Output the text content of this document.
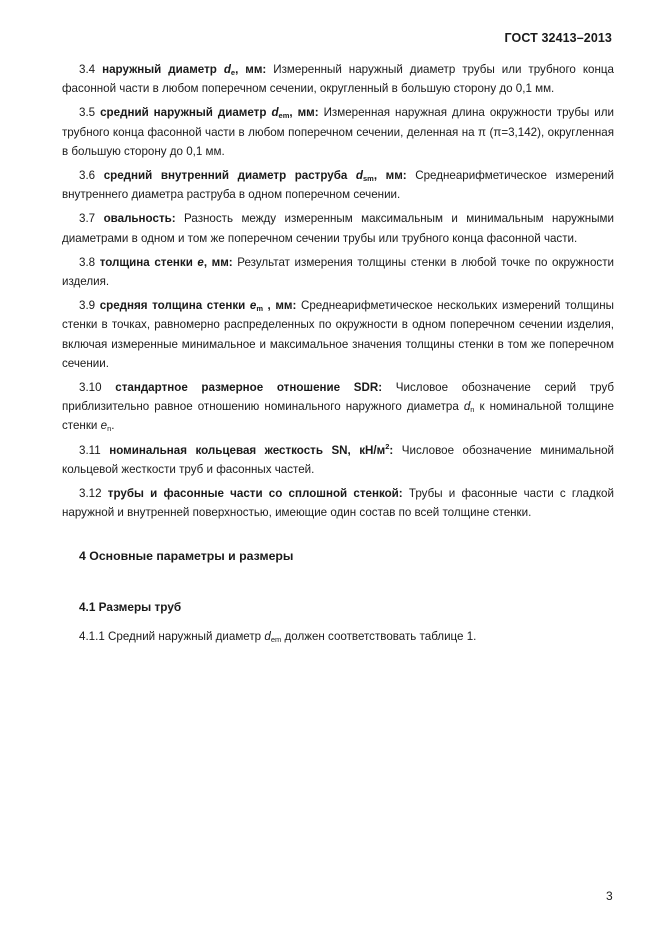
ГОСТ 32413–2013

3.4 наружный диаметр $d_e$, мм: Измеренный наружный диаметр трубы или трубного конца фасонной части в любом поперечном сечении, округленный в большую сторону до 0,1 мм.

3.5 средний наружный диаметр $d_{em}$, мм: Измеренная наружная длина окружности трубы или трубного конца фасонной части в любом поперечном сечении, деленная на π (π=3,142), округленная в большую сторону до 0,1 мм.

3.6 средний внутренний диаметр раструба $d_{sm}$, мм: Среднеарифметическое измерений внутреннего диаметра раструба в одном поперечном сечении.

3.7 овальность: Разность между измеренным максимальным и минимальным наружными диаметрами в одном и том же поперечном сечении трубы или трубного конца фасонной части.

3.8 толщина стенки e, мм: Результат измерения толщины стенки в любой точке по окружности изделия.

3.9 средняя толщина стенки $e_m$ , мм: Среднеарифметическое нескольких измерений толщины стенки в точках, равномерно распределенных по окружности в одном поперечном сечении изделия, включая измеренные минимальное и максимальное значения толщины стенки в том же поперечном сечении.

3.10 стандартное размерное отношение SDR: Числовое обозначение серий труб приблизительно равное отношению номинального наружного диаметра $d_n$ к номинальной толщине стенки $e_n$.

3.11 номинальная кольцевая жесткость SN, $кН/м^2$: Числовое обозначение минимальной кольцевой жесткости труб и фасонных частей.

3.12 трубы и фасонные части со сплошной стенкой: Трубы и фасонные части с гладкой наружной и внутренней поверхностью, имеющие один состав по всей толщине стенки.

4 Основные параметры и размеры
4.1 Размеры труб
4.1.1 Средний наружный диаметр $d_{em}$ должен соответствовать таблице 1.
3
